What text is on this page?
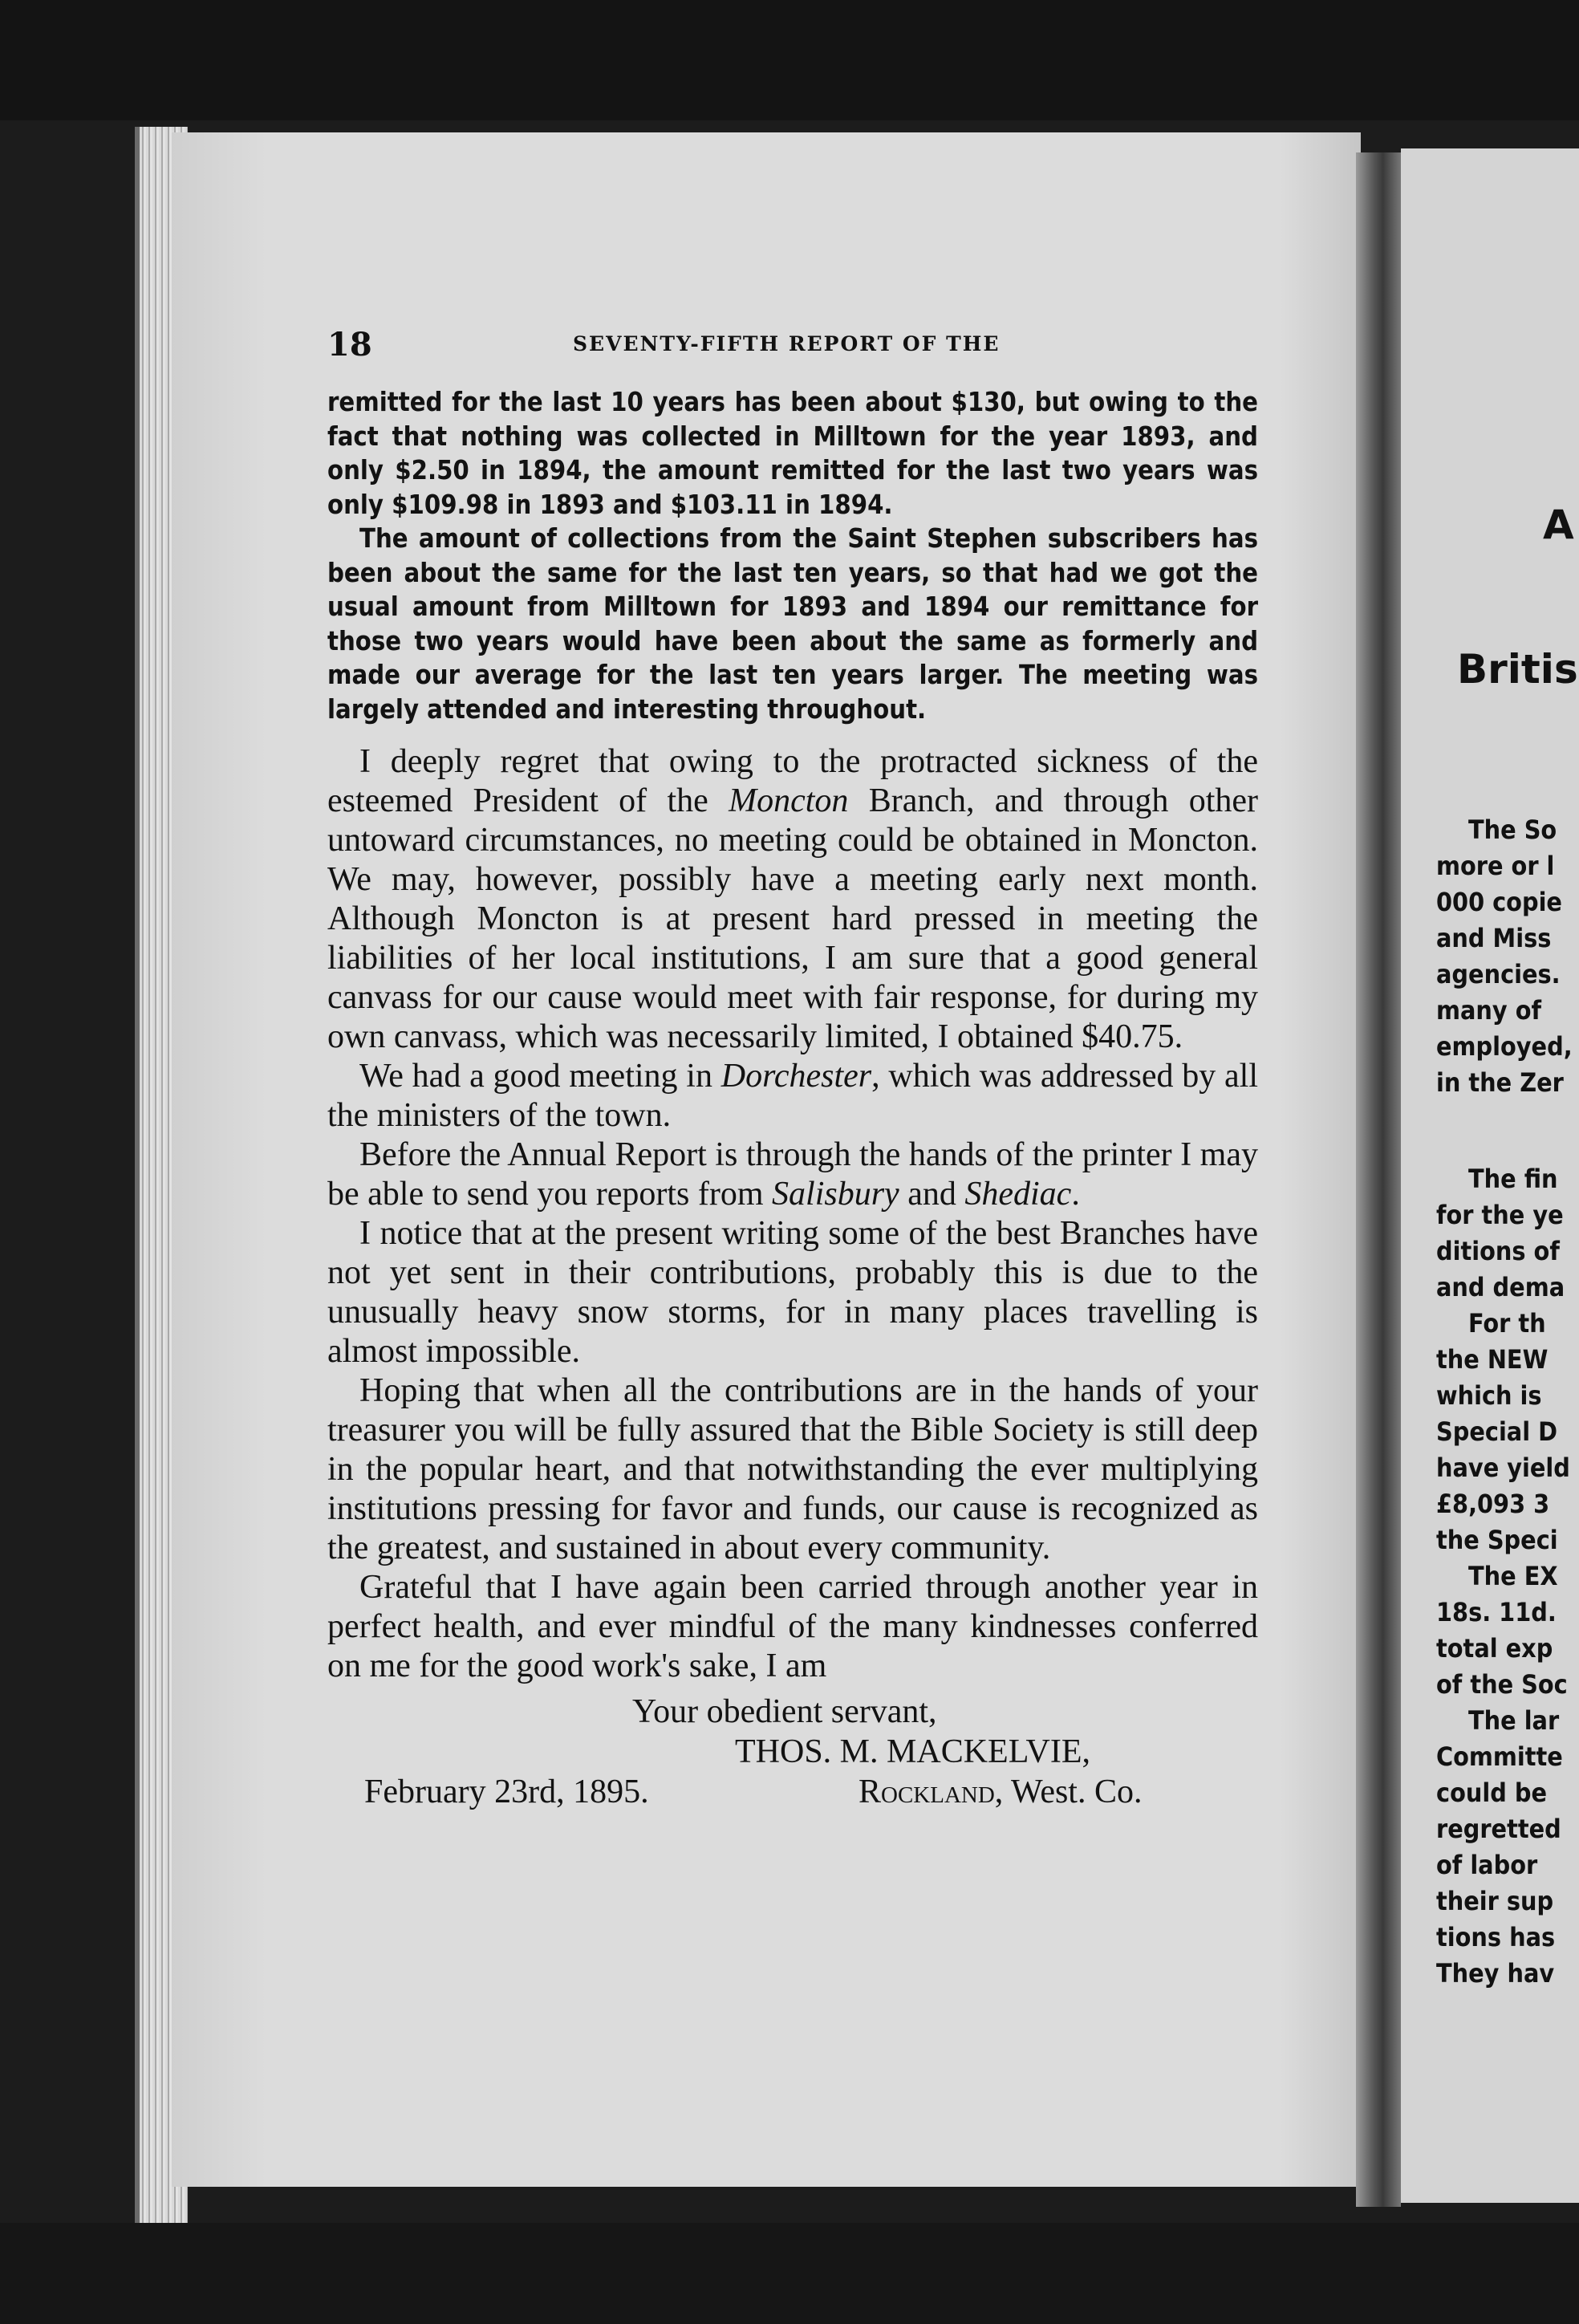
A
Britis
The So
more or l
000 copie
and Miss
agencies.
many of
employed,
in the Zer
The fin
for the ye
ditions of
and dema
For th
the NEW
which is
Special D
have yield
£8,093 3
the Speci
The EX
18s. 11d.
total exp
of the Soc
The lar
Committe
could be
regretted
of labor
their sup
tions has
They hav
18	SEVENTY-FIFTH REPORT OF THE

remitted for the last 10 years has been about $130, but owing to the fact that nothing was collected in Milltown for the year 1893, and only $2.50 in 1894, the amount remitted for the last two years was only $109.98 in 1893 and $103.11 in 1894.

The amount of collections from the Saint Stephen subscribers has been about the same for the last ten years, so that had we got the usual amount from Milltown for 1893 and 1894 our remittance for those two years would have been about the same as formerly and made our average for the last ten years larger. The meeting was largely attended and interesting throughout.

I deeply regret that owing to the protracted sickness of the esteemed President of the Moncton Branch, and through other untoward circumstances, no meeting could be obtained in Moncton. We may, however, possibly have a meeting early next month. Although Moncton is at present hard pressed in meeting the liabilities of her local institutions, I am sure that a good general canvass for our cause would meet with fair response, for during my own canvass, which was necessarily limited, I obtained $40.75.

We had a good meeting in Dorchester, which was addressed by all the ministers of the town.

Before the Annual Report is through the hands of the printer I may be able to send you reports from Salisbury and Shediac.

I notice that at the present writing some of the best Branches have not yet sent in their contributions, probably this is due to the unusually heavy snow storms, for in many places travelling is almost impossible.

Hoping that when all the contributions are in the hands of your treasurer you will be fully assured that the Bible Society is still deep in the popular heart, and that notwithstanding the ever multiplying institutions pressing for favor and funds, our cause is recognized as the greatest, and sustained in about every community.

Grateful that I have again been carried through another year in perfect health, and ever mindful of the many kindnesses conferred on me for the good work's sake, I am

Your obedient servant,
THOS. M. MACKELVIE,
February 23rd, 1895.	Rockland, West. Co.
